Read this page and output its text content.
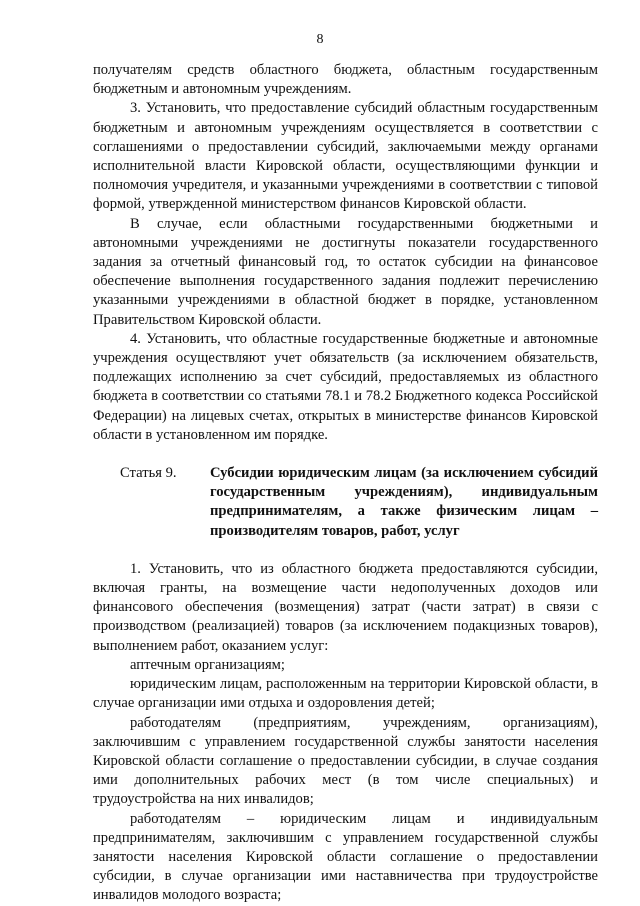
8

получателям средств областного бюджета, областным государственным бюджетным и автономным учреждениям.

3. Установить, что предоставление субсидий областным государственным бюджетным и автономным учреждениям осуществляется в соответствии с соглашениями о предоставлении субсидий, заключаемыми между органами исполнительной власти Кировской области, осуществляющими функции и полномочия учредителя, и указанными учреждениями в соответствии с типовой формой, утвержденной министерством финансов Кировской области.

В случае, если областными государственными бюджетными и автономными учреждениями не достигнуты показатели государственного задания за отчетный финансовый год, то остаток субсидии на финансовое обеспечение выполнения государственного задания подлежит перечислению указанными учреждениями в областной бюджет в порядке, установленном Правительством Кировской области.

4. Установить, что областные государственные бюджетные и автономные учреждения осуществляют учет обязательств (за исключением обязательств, подлежащих исполнению за счет субсидий, предоставляемых из областного бюджета в соответствии со статьями 78.1 и 78.2 Бюджетного кодекса Российской Федерации) на лицевых счетах, открытых в министерстве финансов Кировской области в установленном им порядке.

Статья 9.	Субсидии юридическим лицам (за исключением субсидий государственным учреждениям), индивидуальным предпринимателям, а также физическим лицам – производителям товаров, работ, услуг

1. Установить, что из областного бюджета предоставляются субсидии, включая гранты, на возмещение части недополученных доходов или финансового обеспечения (возмещения) затрат (части затрат) в связи с производством (реализацией) товаров (за исключением подакцизных товаров), выполнением работ, оказанием услуг:

аптечным организациям;

юридическим лицам, расположенным на территории Кировской области, в случае организации ими отдыха и оздоровления детей;

работодателям (предприятиям, учреждениям, организациям), заключившим с управлением государственной службы занятости населения Кировской области соглашение о предоставлении субсидии, в случае создания ими дополнительных рабочих мест (в том числе специальных) и трудоустройства на них инвалидов;

работодателям – юридическим лицам и индивидуальным предпринимателям, заключившим с управлением государственной службы занятости населения Кировской области соглашение о предоставлении субсидии, в случае организации ими наставничества при трудоустройстве инвалидов молодого возраста;
